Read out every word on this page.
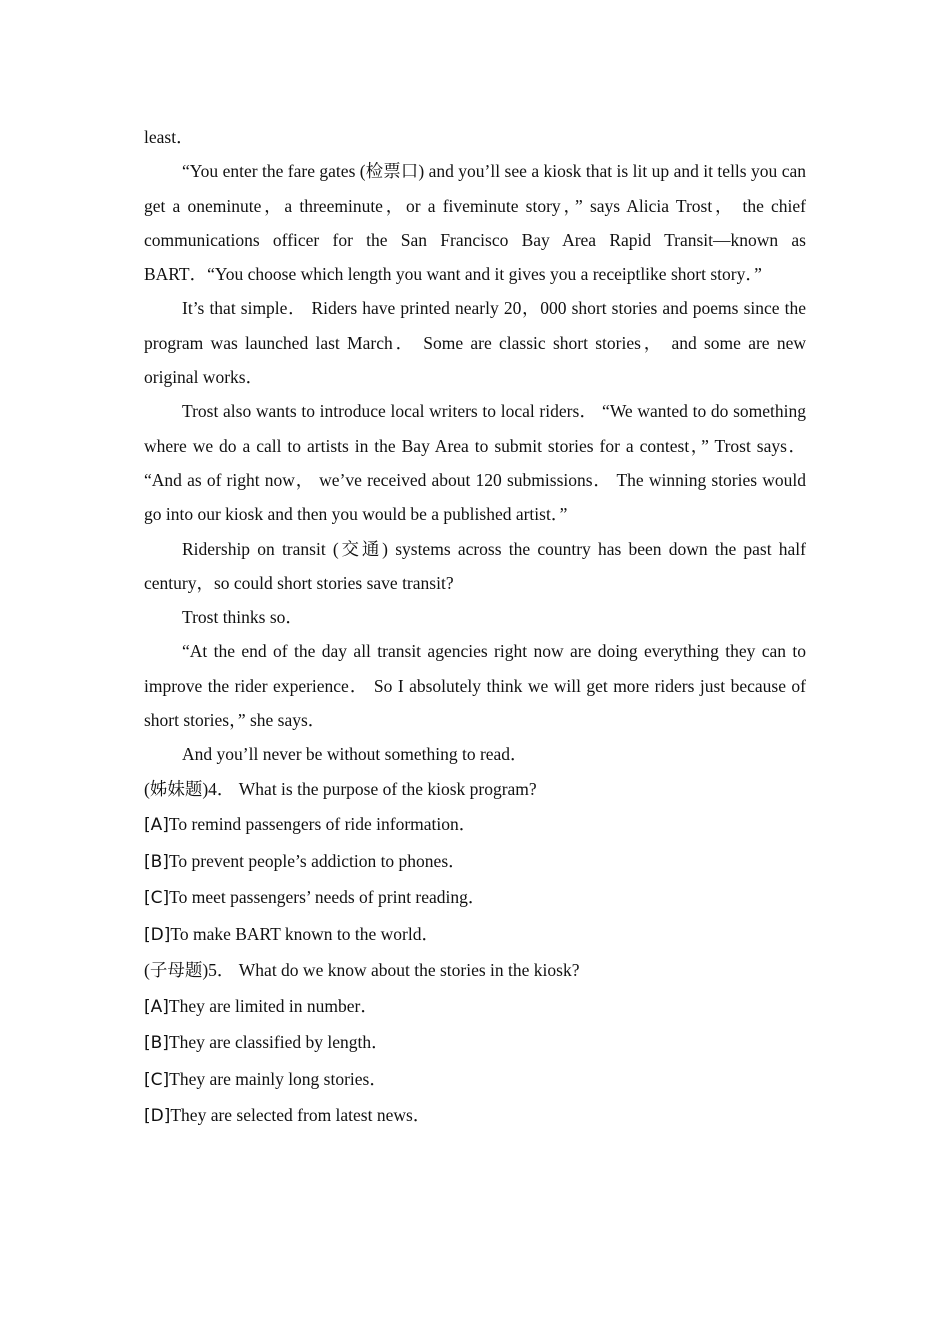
least．

“You enter the fare gates (检票口) and you’ll see a kiosk that is lit up and it tells you can get a oneminute，a threeminute，or a fiveminute story，” says Alicia Trost， the chief communications officer for the San Francisco Bay Area Rapid Transit—known as BART．“You choose which length you want and it gives you a receiptlike short story．”

It’s that simple． Riders have printed nearly 20，000 short stories and poems since the program was launched last March． Some are classic short stories， and some are new original works．

Trost also wants to introduce local writers to local riders． “We wanted to do something where we do a call to artists in the Bay Area to submit stories for a contest，” Trost says． “And as of right now， we’ve received about 120 submissions． The winning stories would go into our kiosk and then you would be a published artist．”

Ridership on transit (交通) systems across the country has been down the past half century，so could short stories save transit?

Trost thinks so．

“At the end of the day all transit agencies right now are doing everything they can to improve the rider experience． So I absolutely think we will get more riders just because of short stories，” she says．

And you’ll never be without something to read．

(姊妹题)4． What is the purpose of the kiosk program?

[A]To remind passengers of ride information．

[B]To prevent people’s addiction to phones．

[C]To meet passengers’ needs of print reading．

[D]To make BART known to the world．

(子母题)5． What do we know about the stories in the kiosk?

[A]They are limited in number．

[B]They are classified by length．

[C]They are mainly long stories．

[D]They are selected from latest news．
